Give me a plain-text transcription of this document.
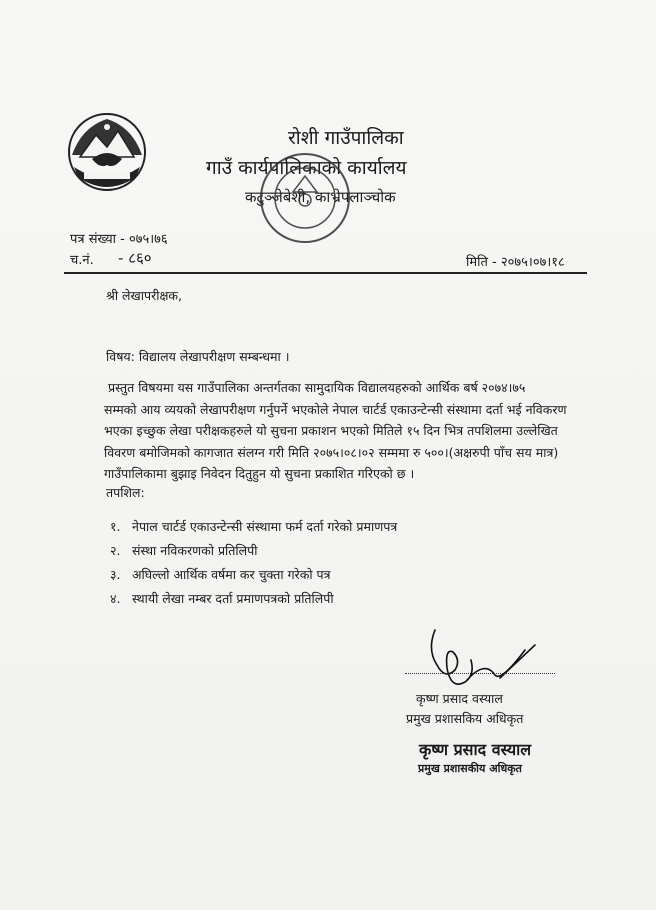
रोशी गाउँपालिका
गाउँ कार्यपालिकाको कार्यालय
कटुञ्जेबेशी, काभ्रेपलाञ्चोक
पत्र संख्या - ०७५।७६
च.नं. - ८६०	मिति - २०७५।०७।१८
श्री लेखापरीक्षक,
विषय: विद्यालय लेखापरीक्षण सम्बन्धमा ।
प्रस्तुत विषयमा यस गाउँपालिका अन्तर्गतका सामुदायिक विद्यालयहरुको आर्थिक बर्ष २०७४।७५
सम्मको आय व्ययको लेखापरीक्षण गर्नुपर्ने भएकोले नेपाल चार्टर्ड एकाउन्टेन्सी संस्थामा दर्ता भई नविकरण
भएका इच्छुक लेखा परीक्षकहरुले यो सुचना प्रकाशन भएको मितिले १५ दिन भित्र तपशिलमा उल्लेखित
विवरण बमोजिमको कागजात संलग्न गरी मिति २०७५।०८।०२ सम्ममा रु ५००।(अक्षरुपी पाँच सय मात्र)
गाउँपालिकामा बुझाइ निवेदन दितुहुन यो सुचना प्रकाशित गरिएको छ ।
तपशिल:
१. नेपाल चार्टर्ड एकाउन्टेन्सी संस्थामा फर्म दर्ता गरेको प्रमाणपत्र
२. संस्था नविकरणको प्रतिलिपी
३. अघिल्लो आर्थिक वर्षमा कर चुक्ता गरेको पत्र
४. स्थायी लेखा नम्बर दर्ता प्रमाणपत्रको प्रतिलिपी
कृष्ण प्रसाद वस्याल
प्रमुख प्रशासकिय अधिकृत
कृष्ण प्रसाद वस्याल
प्रमुख प्रशासकीय अधिकृत
